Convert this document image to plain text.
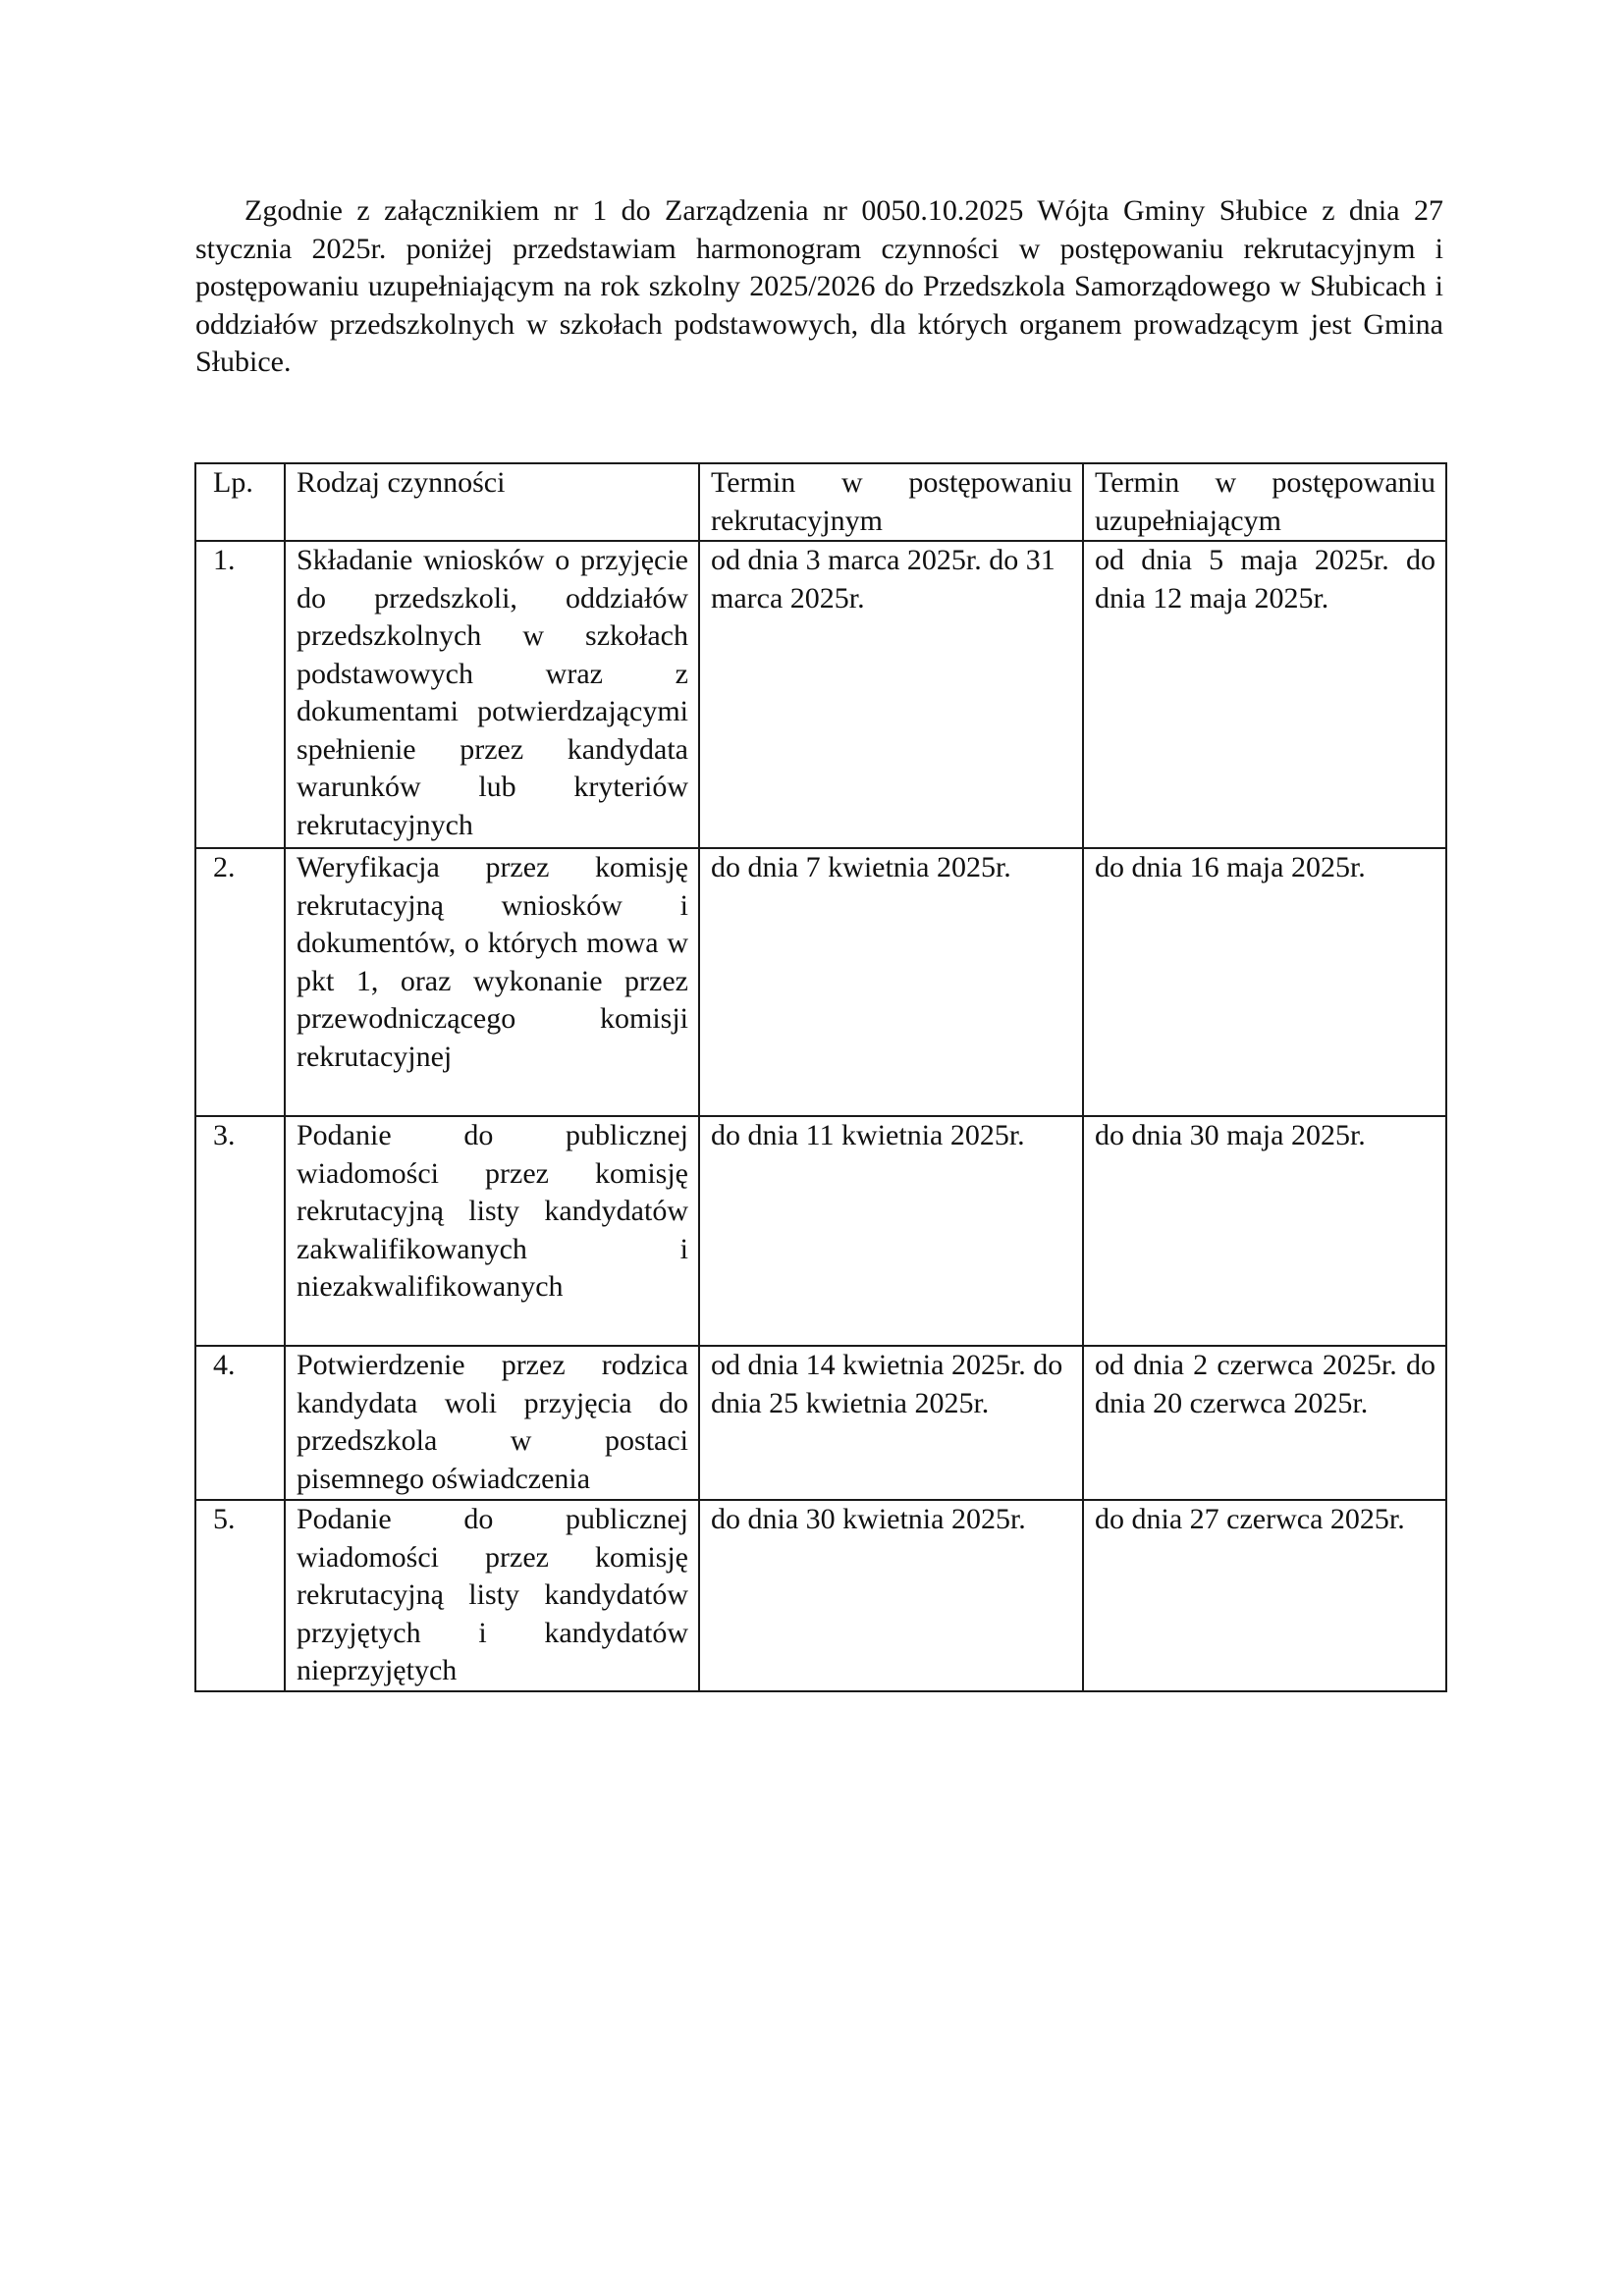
Zgodnie z załącznikiem nr 1 do Zarządzenia nr 0050.10.2025 Wójta Gminy Słubice z dnia 27 stycznia 2025r. poniżej przedstawiam harmonogram czynności w postępowaniu rekrutacyjnym i postępowaniu uzupełniającym na rok szkolny 2025/2026 do Przedszkola Samorządowego w Słubicach i oddziałów przedszkolnych w szkołach podstawowych, dla których organem prowadzącym jest Gmina Słubice.

Lp.	Rodzaj czynności	Termin w postępowaniu rekrutacyjnym	Termin w postępowaniu uzupełniającym
1.	Składanie wniosków o przyjęcie do przedszkoli, oddziałów przedszkolnych w szkołach podstawowych wraz z dokumentami potwierdzającymi spełnienie przez kandydata warunków lub kryteriów rekrutacyjnych	od dnia 3 marca 2025r. do 31 marca 2025r.	od dnia 5 maja 2025r. do dnia 12 maja 2025r.
2.	Weryfikacja przez komisję rekrutacyjną wniosków i dokumentów, o których mowa w pkt 1, oraz wykonanie przez przewodniczącego komisji rekrutacyjnej	do dnia 7 kwietnia 2025r.	do dnia 16 maja 2025r.
3.	Podanie do publicznej wiadomości przez komisję rekrutacyjną listy kandydatów zakwalifikowanych i niezakwalifikowanych	do dnia 11 kwietnia 2025r.	do dnia 30 maja 2025r.
4.	Potwierdzenie przez rodzica kandydata woli przyjęcia do przedszkola w postaci pisemnego oświadczenia	od dnia 14 kwietnia 2025r. do dnia 25 kwietnia 2025r.	od dnia 2 czerwca 2025r. do dnia 20 czerwca 2025r.
5.	Podanie do publicznej wiadomości przez komisję rekrutacyjną listy kandydatów przyjętych i kandydatów nieprzyjętych	do dnia 30 kwietnia 2025r.	do dnia 27 czerwca 2025r.
